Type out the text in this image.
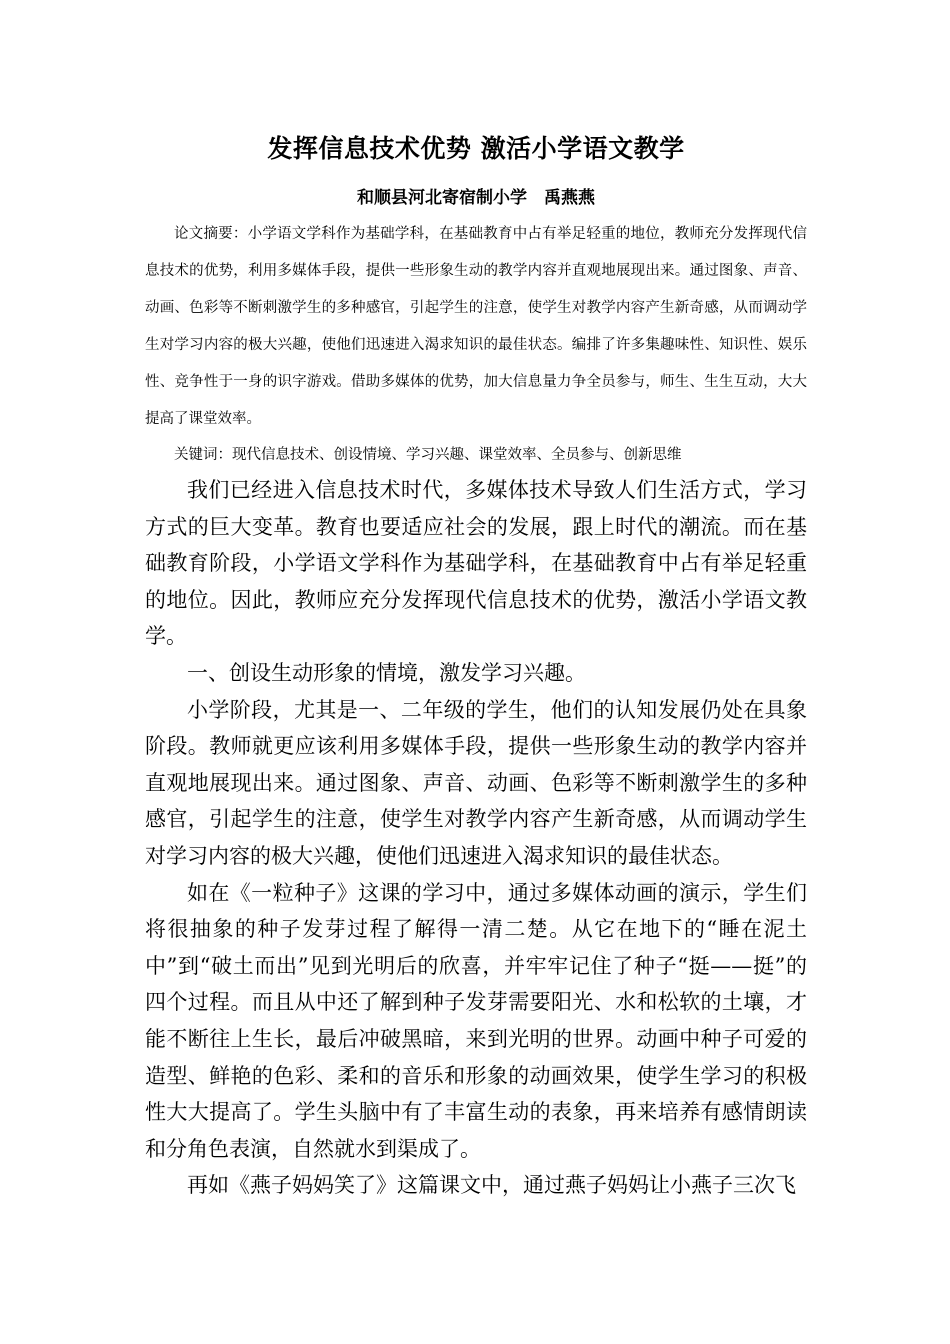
发挥信息技术优势 激活小学语文教学
和顺县河北寄宿制小学　禹燕燕

论文摘要：小学语文学科作为基础学科，在基础教育中占有举足轻重的地位，教师充分发挥现代信息技术的优势，利用多媒体手段，提供一些形象生动的教学内容并直观地展现出来。通过图象、声音、动画、色彩等不断刺激学生的多种感官，引起学生的注意，使学生对教学内容产生新奇感，从而调动学生对学习内容的极大兴趣，使他们迅速进入渴求知识的最佳状态。编排了许多集趣味性、知识性、娱乐性、竞争性于一身的识字游戏。借助多媒体的优势，加大信息量力争全员参与，师生、生生互动，大大提高了课堂效率。

关键词：现代信息技术、创设情境、学习兴趣、课堂效率、全员参与、创新思维

我们已经进入信息技术时代，多媒体技术导致人们生活方式，学习方式的巨大变革。教育也要适应社会的发展，跟上时代的潮流。而在基础教育阶段，小学语文学科作为基础学科，在基础教育中占有举足轻重的地位。因此，教师应充分发挥现代信息技术的优势，激活小学语文教学。

一、创设生动形象的情境，激发学习兴趣。

小学阶段，尤其是一、二年级的学生，他们的认知发展仍处在具象阶段。教师就更应该利用多媒体手段，提供一些形象生动的教学内容并直观地展现出来。通过图象、声音、动画、色彩等不断刺激学生的多种感官，引起学生的注意，使学生对教学内容产生新奇感，从而调动学生对学习内容的极大兴趣，使他们迅速进入渴求知识的最佳状态。

如在《一粒种子》这课的学习中，通过多媒体动画的演示，学生们将很抽象的种子发芽过程了解得一清二楚。从它在地下的“睡在泥土中”到“破土而出”见到光明后的欣喜，并牢牢记住了种子“挺——挺”的四个过程。而且从中还了解到种子发芽需要阳光、水和松软的土壤，才能不断往上生长，最后冲破黑暗，来到光明的世界。动画中种子可爱的造型、鲜艳的色彩、柔和的音乐和形象的动画效果，使学生学习的积极性大大提高了。学生头脑中有了丰富生动的表象，再来培养有感情朗读和分角色表演，自然就水到渠成了。

再如《燕子妈妈笑了》这篇课文中，通过燕子妈妈让小燕子三次飞
